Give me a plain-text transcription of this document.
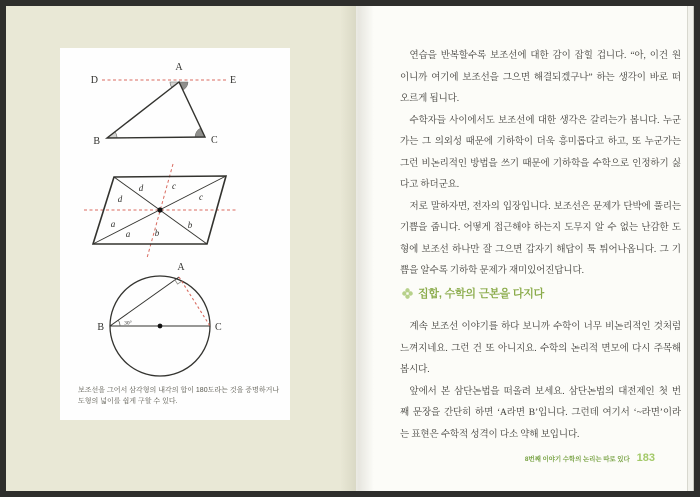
A
B	C
D	E
d	c
d	c
a
a	b
b
30°
A
B	C
보조선을 그어서 삼각형의 내각의 합이 180도라는 것을 증명하거나
도형의 넓이를 쉽게 구할 수 있다.
연습을 반복할수록 보조선에 대한 감이 잡힐 겁니다. “아, 이건 원
이니까 여기에 보조선을 그으면 해결되겠구나” 하는 생각이 바로 떠
오르게 됩니다.
수학자들 사이에서도 보조선에 대한 생각은 갈리는가 봅니다. 누군
가는 그 의외성 때문에 기하학이 더욱 흥미롭다고 하고, 또 누군가는
그런 비논리적인 방법을 쓰기 때문에 기하학을 수학으로 인정하기 싫
다고 하더군요.
저로 말하자면, 전자의 입장입니다. 보조선은 문제가 단박에 풀리는
기쁨을 줍니다. 어떻게 접근해야 하는지 도무지 알 수 없는 난감한 도
형에 보조선 하나만 잘 그으면 갑자기 해답이 툭 튀어나옵니다. 그 기
쁨을 알수록 기하학 문제가 재미있어진답니다.
집합, 수학의 근본을 다지다
계속 보조선 이야기를 하다 보니까 수학이 너무 비논리적인 것처럼
느껴지네요. 그런 건 또 아니지요. 수학의 논리적 면모에 다시 주목해
봅시다.
앞에서 본 삼단논법을 떠올려 보세요. 삼단논법의 대전제인 첫 번
째 문장을 간단히 하면 ‘A라면 B’입니다. 그런데 여기서 ‘~라면’이라
는 표현은 수학적 성격이 다소 약해 보입니다.
8번째 이야기 수학의 논리는 따로 있다 183
